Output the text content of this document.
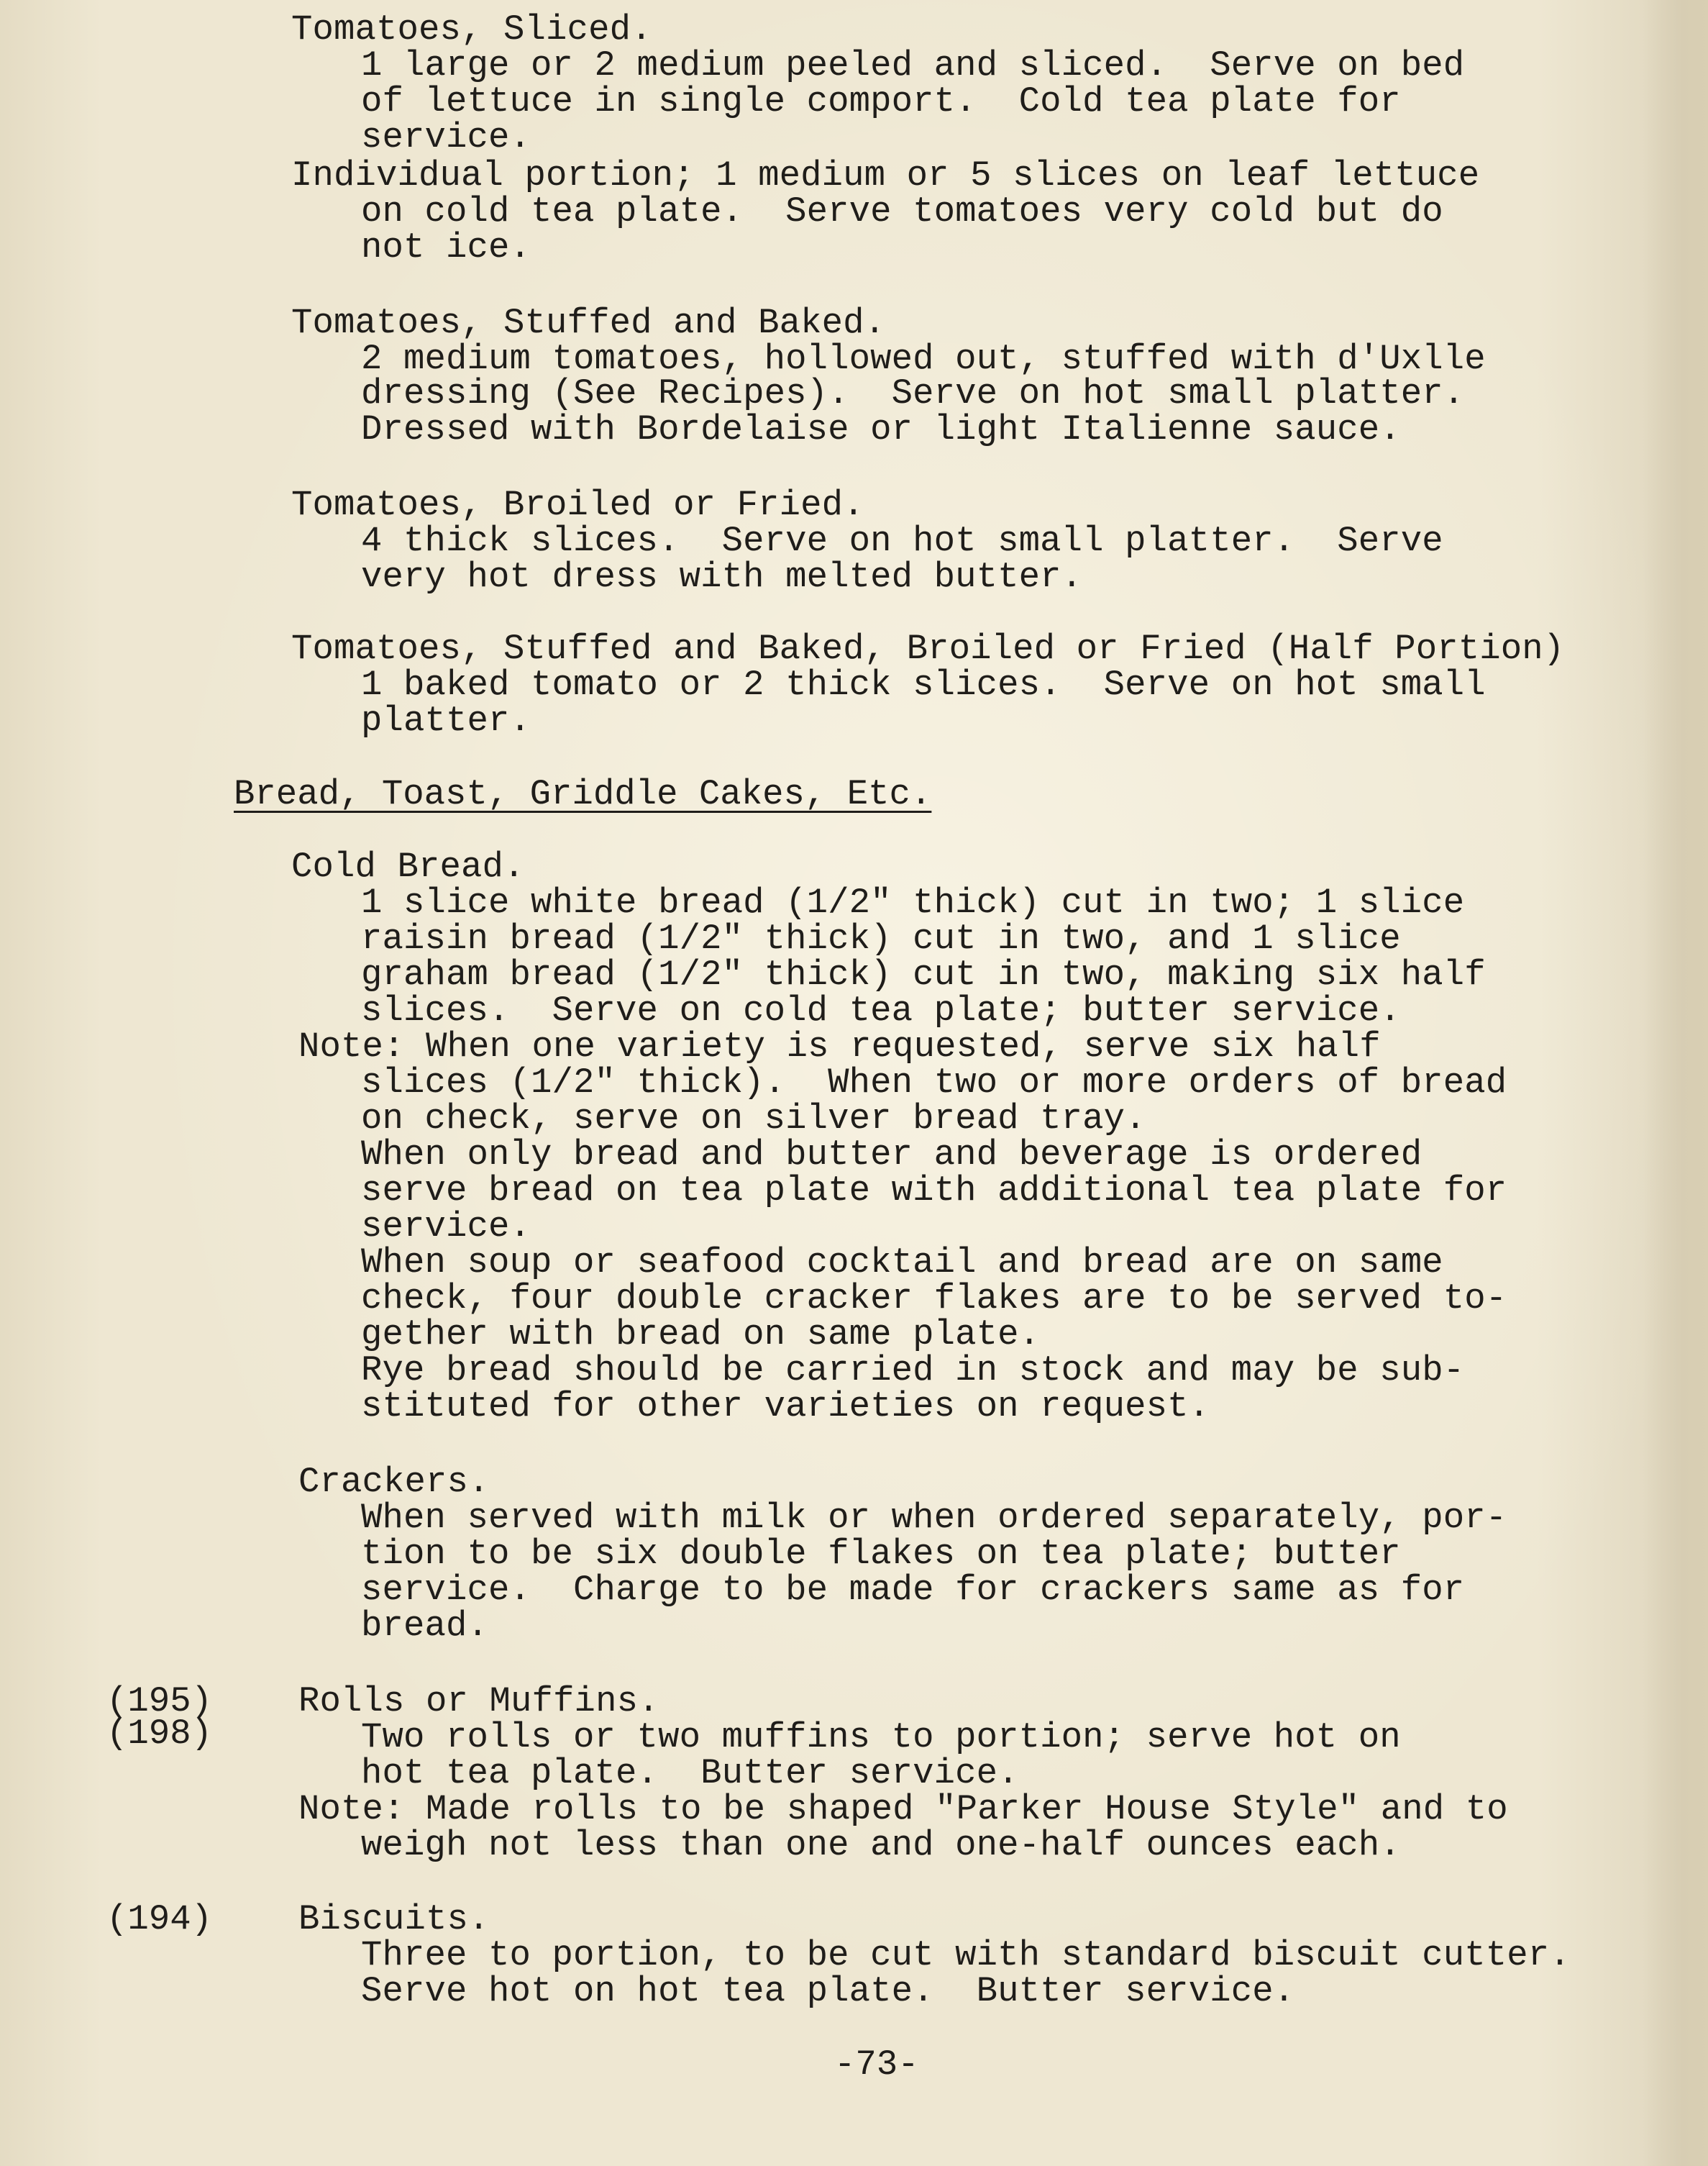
Tomatoes, Sliced.
1 large or 2 medium peeled and sliced.  Serve on bed
of lettuce in single comport.  Cold tea plate for
service.
Individual portion; 1 medium or 5 slices on leaf lettuce
on cold tea plate.  Serve tomatoes very cold but do
not ice.
Tomatoes, Stuffed and Baked.
2 medium tomatoes, hollowed out, stuffed with d'Uxlle
dressing (See Recipes).  Serve on hot small platter.
Dressed with Bordelaise or light Italienne sauce.
Tomatoes, Broiled or Fried.
4 thick slices.  Serve on hot small platter.  Serve
very hot dress with melted butter.
Tomatoes, Stuffed and Baked, Broiled or Fried (Half Portion)
1 baked tomato or 2 thick slices.  Serve on hot small
platter.
Bread, Toast, Griddle Cakes, Etc.
Cold Bread.
1 slice white bread (1/2" thick) cut in two; 1 slice
raisin bread (1/2" thick) cut in two, and 1 slice
graham bread (1/2" thick) cut in two, making six half
slices.  Serve on cold tea plate; butter service.
Note: When one variety is requested, serve six half
slices (1/2" thick).  When two or more orders of bread
on check, serve on silver bread tray.
When only bread and butter and beverage is ordered
serve bread on tea plate with additional tea plate for
service.
When soup or seafood cocktail and bread are on same
check, four double cracker flakes are to be served to-
gether with bread on same plate.
Rye bread should be carried in stock and may be sub-
stituted for other varieties on request.
Crackers.
When served with milk or when ordered separately, por-
tion to be six double flakes on tea plate; butter
service.  Charge to be made for crackers same as for
bread.
(195)
(198)
Rolls or Muffins.
Two rolls or two muffins to portion; serve hot on
hot tea plate.  Butter service.
Note: Made rolls to be shaped "Parker House Style" and to
weigh not less than one and one-half ounces each.
(194) Biscuits.
Three to portion, to be cut with standard biscuit cutter.
Serve hot on hot tea plate.  Butter service.
-73-
